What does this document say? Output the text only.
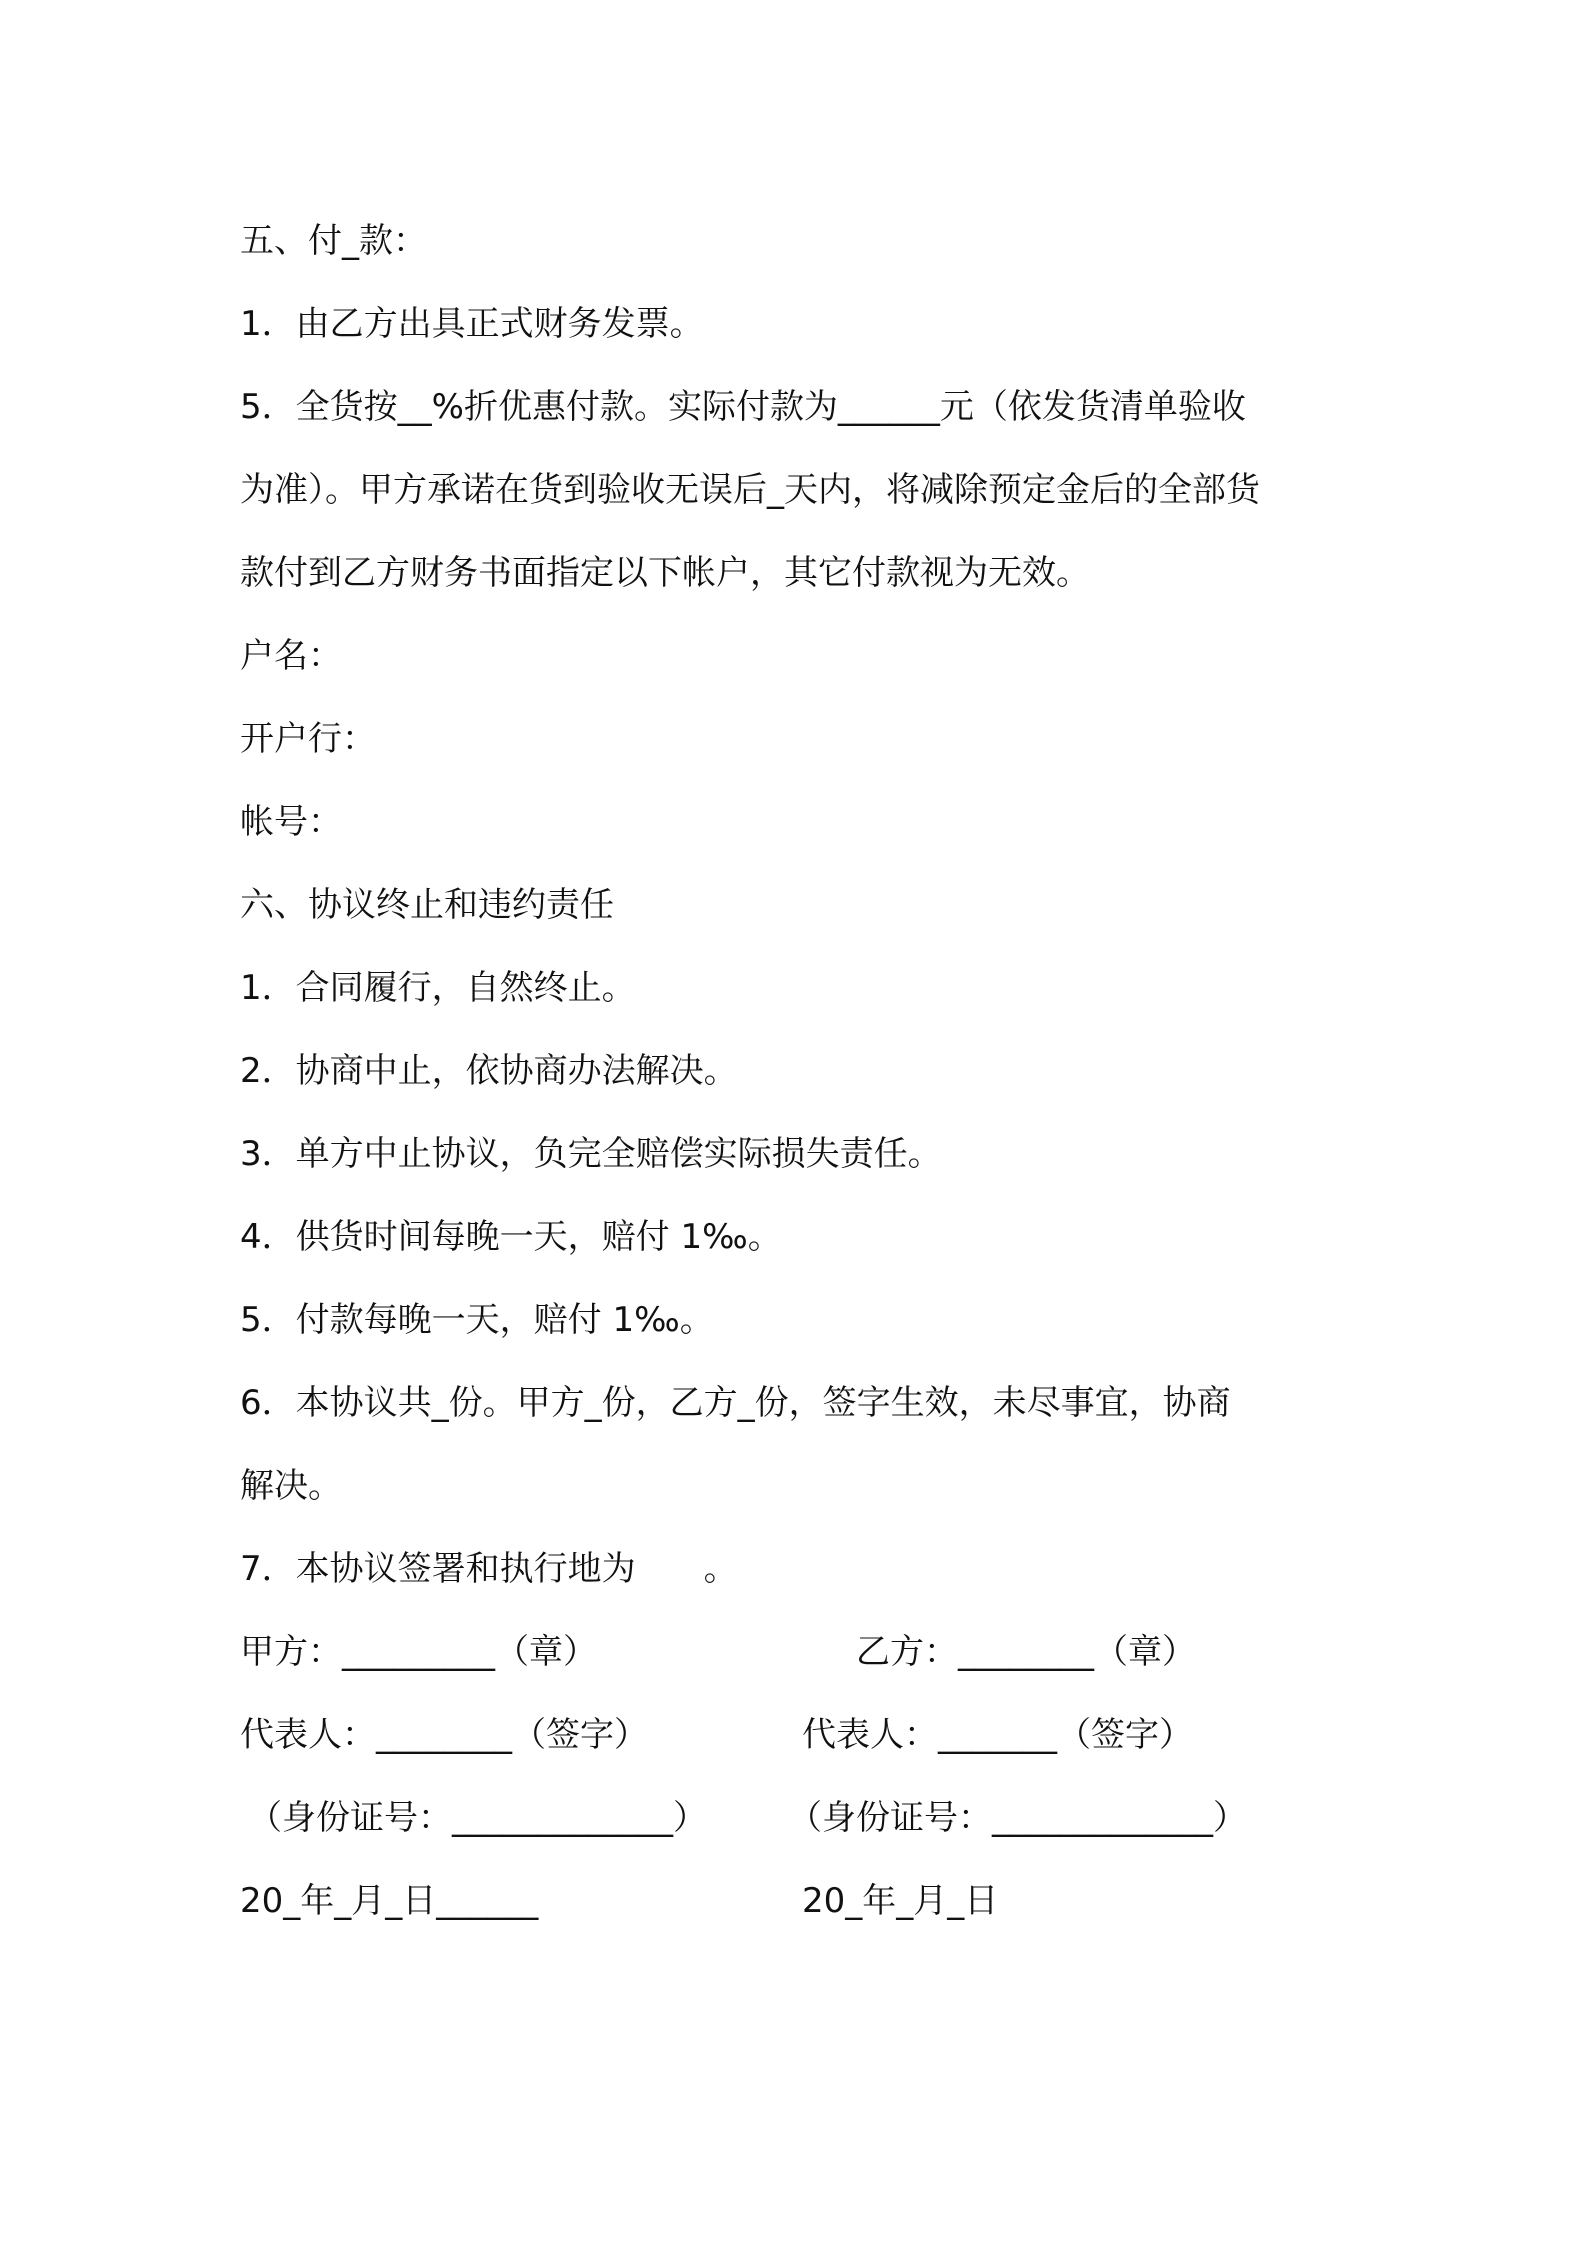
五、付_款：

1．由乙方出具正式财务发票。

5．全货按__%折优惠付款。实际付款为______元（依发货清单验收

为准）。甲方承诺在货到验收无误后_天内，将减除预定金后的全部货

款付到乙方财务书面指定以下帐户，其它付款视为无效。

户名：

开户行：

帐号：

六、协议终止和违约责任

1．合同履行，自然终止。

2．协商中止，依协商办法解决。

3．单方中止协议，负完全赔偿实际损失责任。

4．供货时间每晚一天，赔付 1‰。

5．付款每晚一天，赔付 1‰。

6．本协议共_份。甲方_份，乙方_份，签字生效，未尽事宜，协商

解决。

7．本协议签署和执行地为　　。

甲方：_________（章）	乙方：________（章）
代表人：________（签字）	代表人：_______（签字）
（身份证号：_____________） （身份证号：_____________）
20_年_月_日______	20_年_月_日
